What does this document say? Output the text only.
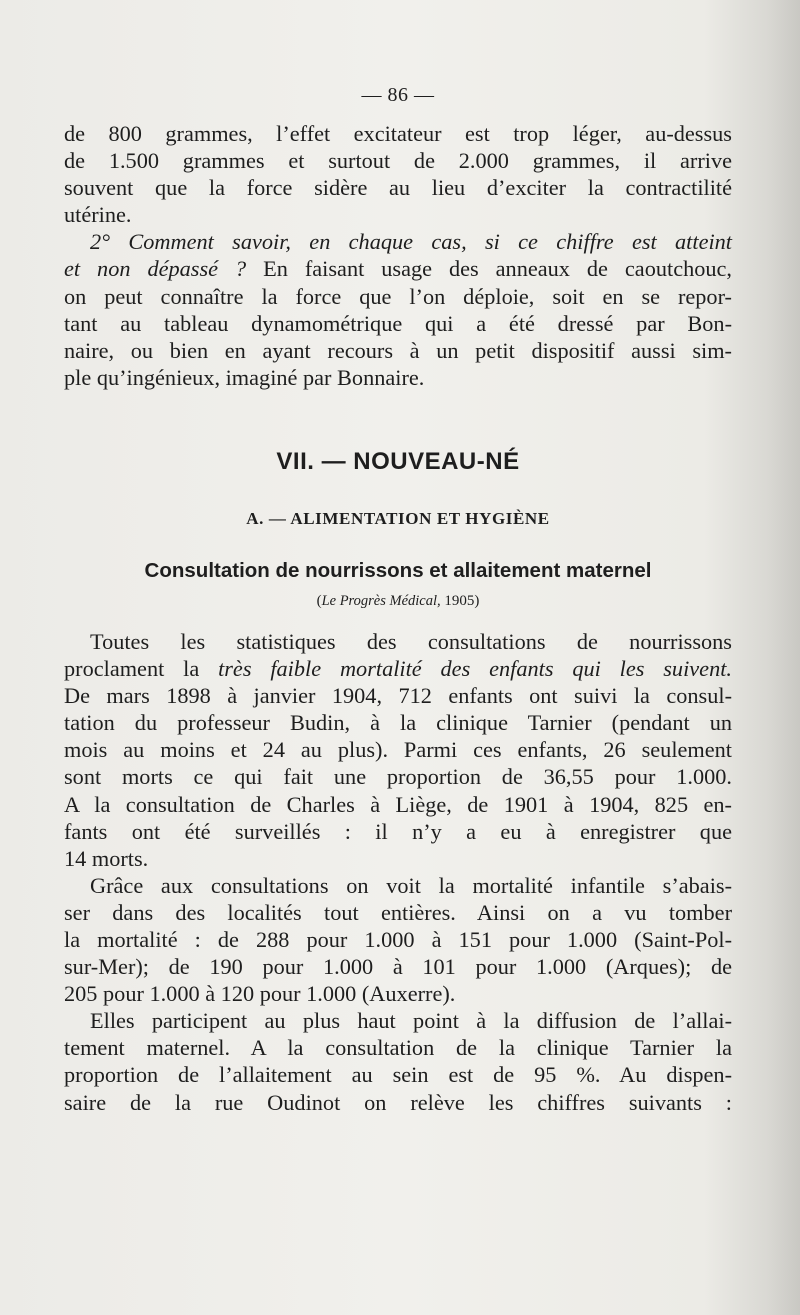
— 86 —
de 800 grammes, l’effet excitateur est trop léger, au-dessus
de 1.500 grammes et surtout de 2.000 grammes, il arrive
souvent que la force sidère au lieu d’exciter la contractilité
utérine.
2° Comment savoir, en chaque cas, si ce chiffre est atteint
et non dépassé ? En faisant usage des anneaux de caoutchouc,
on peut connaître la force que l’on déploie, soit en se repor-
tant au tableau dynamométrique qui a été dressé par Bon-
naire, ou bien en ayant recours à un petit dispositif aussi sim-
ple qu’ingénieux, imaginé par Bonnaire.
VII. — NOUVEAU-NÉ
A. — ALIMENTATION ET HYGIÈNE
Consultation de nourrissons et allaitement maternel
(Le Progrès Médical, 1905)
Toutes les statistiques des consultations de nourrissons
proclament la très faible mortalité des enfants qui les suivent.
De mars 1898 à janvier 1904, 712 enfants ont suivi la consul-
tation du professeur Budin, à la clinique Tarnier (pendant un
mois au moins et 24 au plus). Parmi ces enfants, 26 seulement
sont morts ce qui fait une proportion de 36,55 pour 1.000.
A la consultation de Charles à Liège, de 1901 à 1904, 825 en-
fants ont été surveillés : il n’y a eu à enregistrer que
14 morts.
Grâce aux consultations on voit la mortalité infantile s’abais-
ser dans des localités tout entières. Ainsi on a vu tomber
la mortalité : de 288 pour 1.000 à 151 pour 1.000 (Saint-Pol-
sur-Mer); de 190 pour 1.000 à 101 pour 1.000 (Arques); de
205 pour 1.000 à 120 pour 1.000 (Auxerre).
Elles participent au plus haut point à la diffusion de l’allai-
tement maternel. A la consultation de la clinique Tarnier la
proportion de l’allaitement au sein est de 95 %. Au dispen-
saire de la rue Oudinot on relève les chiffres suivants :
